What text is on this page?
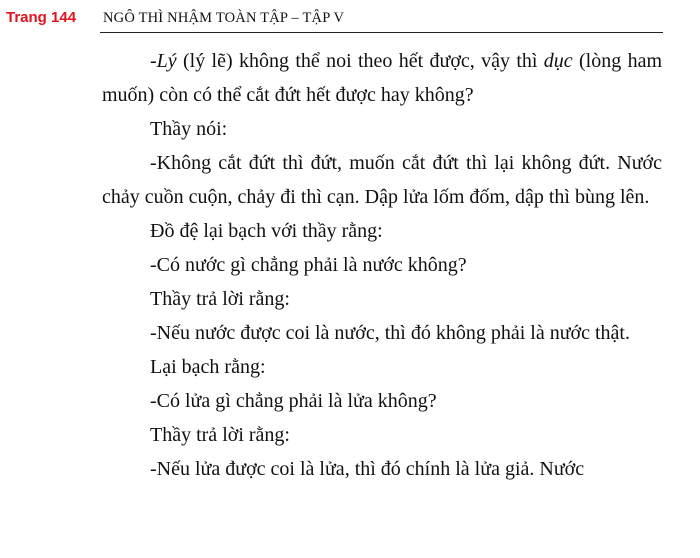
Trang 144 NGÔ THÌ NHẬM TOÀN TẬP – TẬP V

-Lý (lý lẽ) không thể noi theo hết được, vậy thì dục (lòng ham muốn) còn có thể cắt đứt hết được hay không?

Thầy nói:

-Không cắt đứt thì đứt, muốn cắt đứt thì lại không đứt. Nước chảy cuồn cuộn, chảy đi thì cạn. Dập lửa lốm đốm, dập thì bùng lên.

Đồ đệ lại bạch với thầy rằng:

-Có nước gì chẳng phải là nước không?

Thầy trả lời rằng:

-Nếu nước được coi là nước, thì đó không phải là nước thật.

Lại bạch rằng:

-Có lửa gì chẳng phải là lửa không?

Thầy trả lời rằng:

-Nếu lửa được coi là lửa, thì đó chính là lửa giả. Nước
